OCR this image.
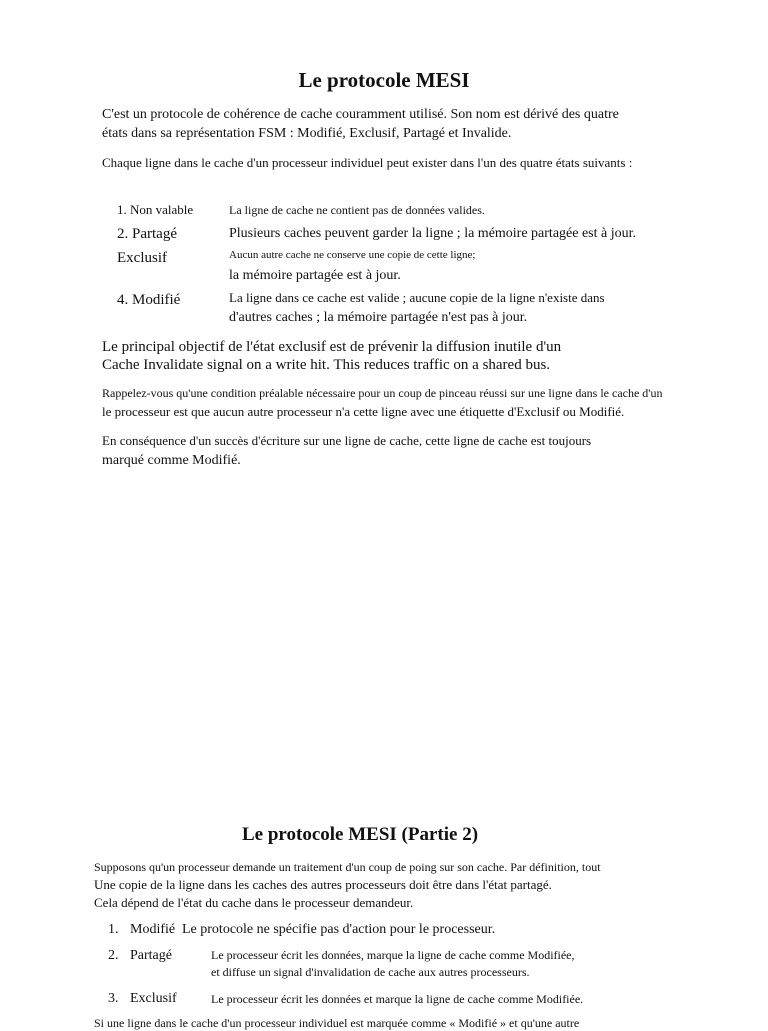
Le protocole MESI
C'est un protocole de cohérence de cache couramment utilisé. Son nom est dérivé des quatre
états dans sa représentation FSM : Modifié, Exclusif, Partagé et Invalide.
Chaque ligne dans le cache d'un processeur individuel peut exister dans l'un des quatre états suivants :
1. Non valable	La ligne de cache ne contient pas de données valides.
2. Partagé	Plusieurs caches peuvent garder la ligne ; la mémoire partagée est à jour.
Exclusif	Aucun autre cache ne conserve une copie de cette ligne;
la mémoire partagée est à jour.
4. Modifié	La ligne dans ce cache est valide ; aucune copie de la ligne n'existe dans
d'autres caches ; la mémoire partagée n'est pas à jour.
Le principal objectif de l'état exclusif est de prévenir la diffusion inutile d'un
Cache Invalidate signal on a write hit. This reduces traffic on a shared bus.
Rappelez-vous qu'une condition préalable nécessaire pour un coup de pinceau réussi sur une ligne dans le cache d'un
le processeur est que aucun autre processeur n'a cette ligne avec une étiquette d'Exclusif ou Modifié.
En conséquence d'un succès d'écriture sur une ligne de cache, cette ligne de cache est toujours
marqué comme Modifié.
Le protocole MESI (Partie 2)
Supposons qu'un processeur demande un traitement d'un coup de poing sur son cache. Par définition, tout
Une copie de la ligne dans les caches des autres processeurs doit être dans l'état partagé.
Cela dépend de l'état du cache dans le processeur demandeur.
1. Modifié Le protocole ne spécifie pas d'action pour le processeur.
2. Partagé	Le processeur écrit les données, marque la ligne de cache comme Modifiée,
et diffuse un signal d'invalidation de cache aux autres processeurs.
3. Exclusif	Le processeur écrit les données et marque la ligne de cache comme Modifiée.
Si une ligne dans le cache d'un processeur individuel est marquée comme « Modifié » et qu'une autre
